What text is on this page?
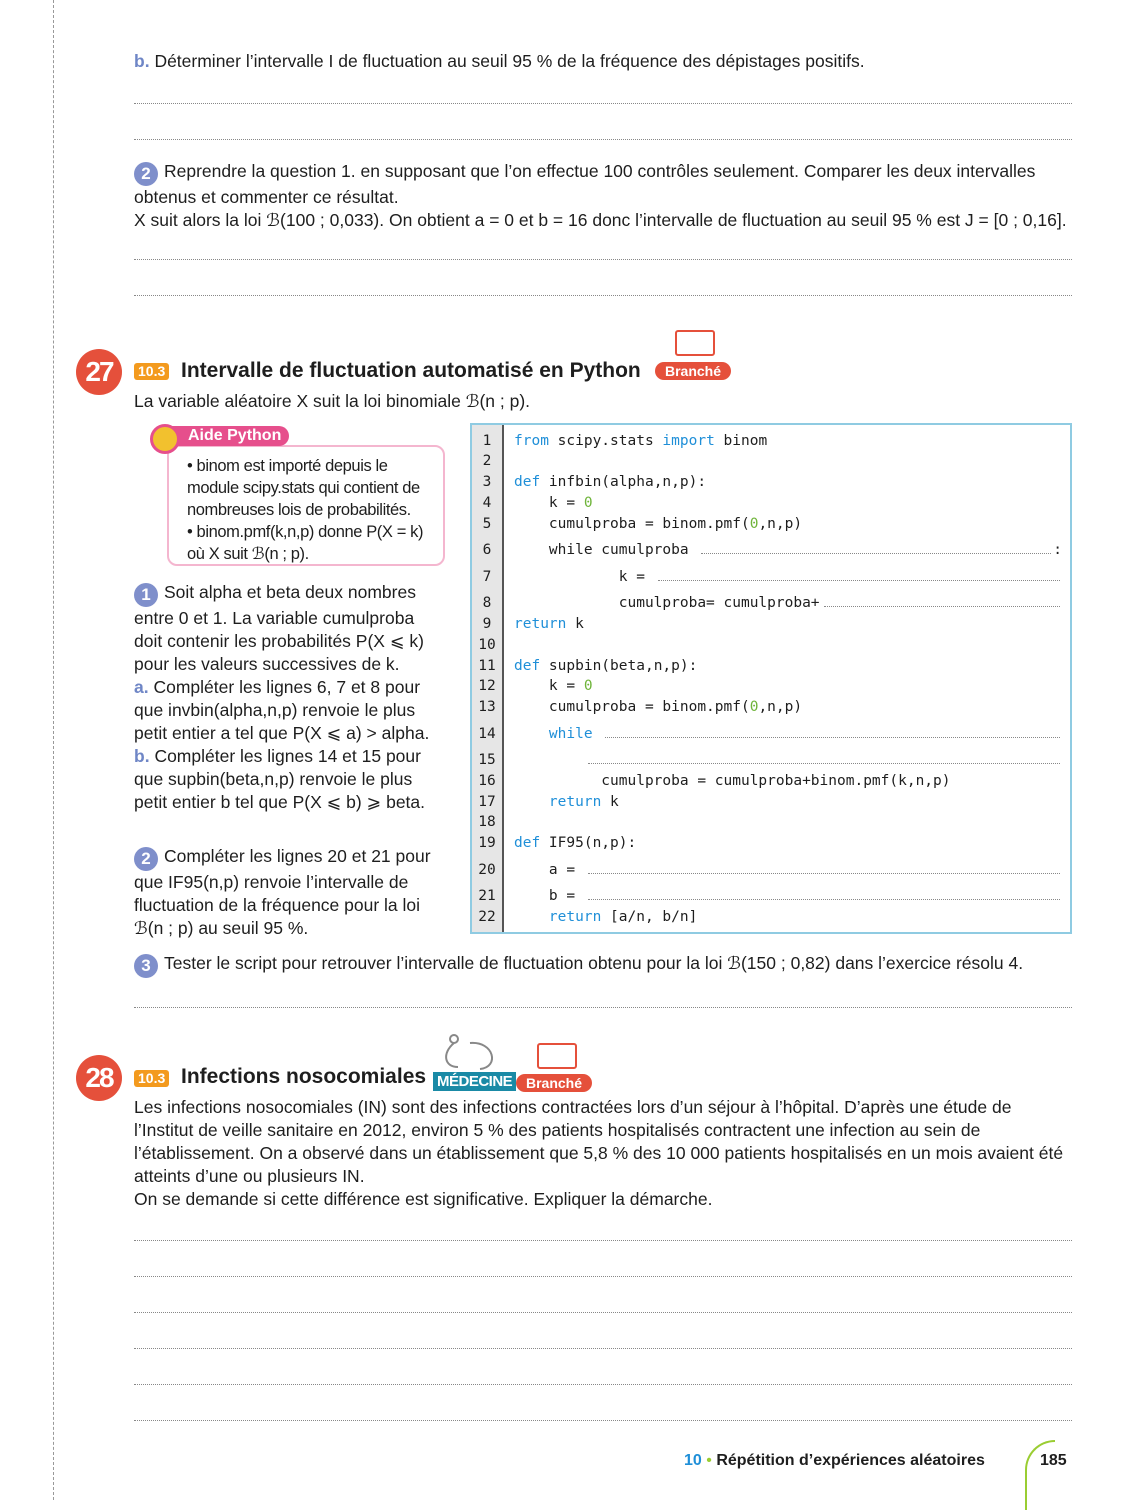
b. Déterminer l’intervalle I de fluctuation au seuil 95 % de la fréquence des dépistages positifs.
2 Reprendre la question 1. en supposant que l’on effectue 100 contrôles seulement. Comparer les deux intervalles obtenus et commenter ce résultat.
X suit alors la loi ℬ(100 ; 0,033). On obtient a = 0 et b = 16 donc l’intervalle de fluctuation au seuil 95 % est J = [0 ; 0,16].
27	10.3 Intervalle de fluctuation automatisé en Python	Branché
La variable aléatoire X suit la loi binomiale ℬ(n ; p).
• binom est importé depuis le module scipy.stats qui contient de nombreuses lois de probabilités.
• binom.pmf(k,n,p) donne P(X = k) où X suit ℬ(n ; p).
Aide Python
1 Soit alpha et beta deux nombres entre 0 et 1. La variable cumulproba doit contenir les probabilités P(X ⩽ k) pour les valeurs successives de k.
a. Compléter les lignes 6, 7 et 8 pour que invbin(alpha,n,p) renvoie le plus petit entier a tel que P(X ⩽ a) > alpha.
b. Compléter les lignes 14 et 15 pour que supbin(beta,n,p) renvoie le plus petit entier b tel que P(X ⩽ b) ⩾ beta.
2 Compléter les lignes 20 et 21 pour que IF95(n,p) renvoie l’intervalle de fluctuation de la fréquence pour la loi ℬ(n ; p) au seuil 95 %.
1	from scipy.stats import binom
2
3	def infbin(alpha,n,p):
4	k = 0
5	cumulproba = binom.pmf( 0 ,n,p)
6	while cumulproba	:
7	k =
8	cumulproba= cumulproba+
9	return k
10
11	def supbin(beta,n,p):
12	k = 0
13	cumulproba = binom.pmf( 0 ,n,p)
14	while

15

16	cumulproba = cumulproba+binom.pmf(k,n,p)
17	return k
18
19	def IF95(n,p):
20	a =
21	b =
22	return [a/n, b/n]
3 Tester le script pour retrouver l’intervalle de fluctuation obtenu pour la loi ℬ(150 ; 0,82) dans l’exercice résolu 4.
28	10.3 Infections nosocomiales MÉDECINE Branché
Les infections nosocomiales (IN) sont des infections contractées lors d’un séjour à l’hôpital. D’après une étude de l’Institut de veille sanitaire en 2012, environ 5 % des patients hospitalisés contractent une infection au sein de l’établissement. On a observé dans un établissement que 5,8 % des 10 000 patients hospitalisés en un mois avaient été atteints d’une ou plusieurs IN.
On se demande si cette différence est significative. Expliquer la démarche.
10 • Répétition d’expériences aléatoires	185
